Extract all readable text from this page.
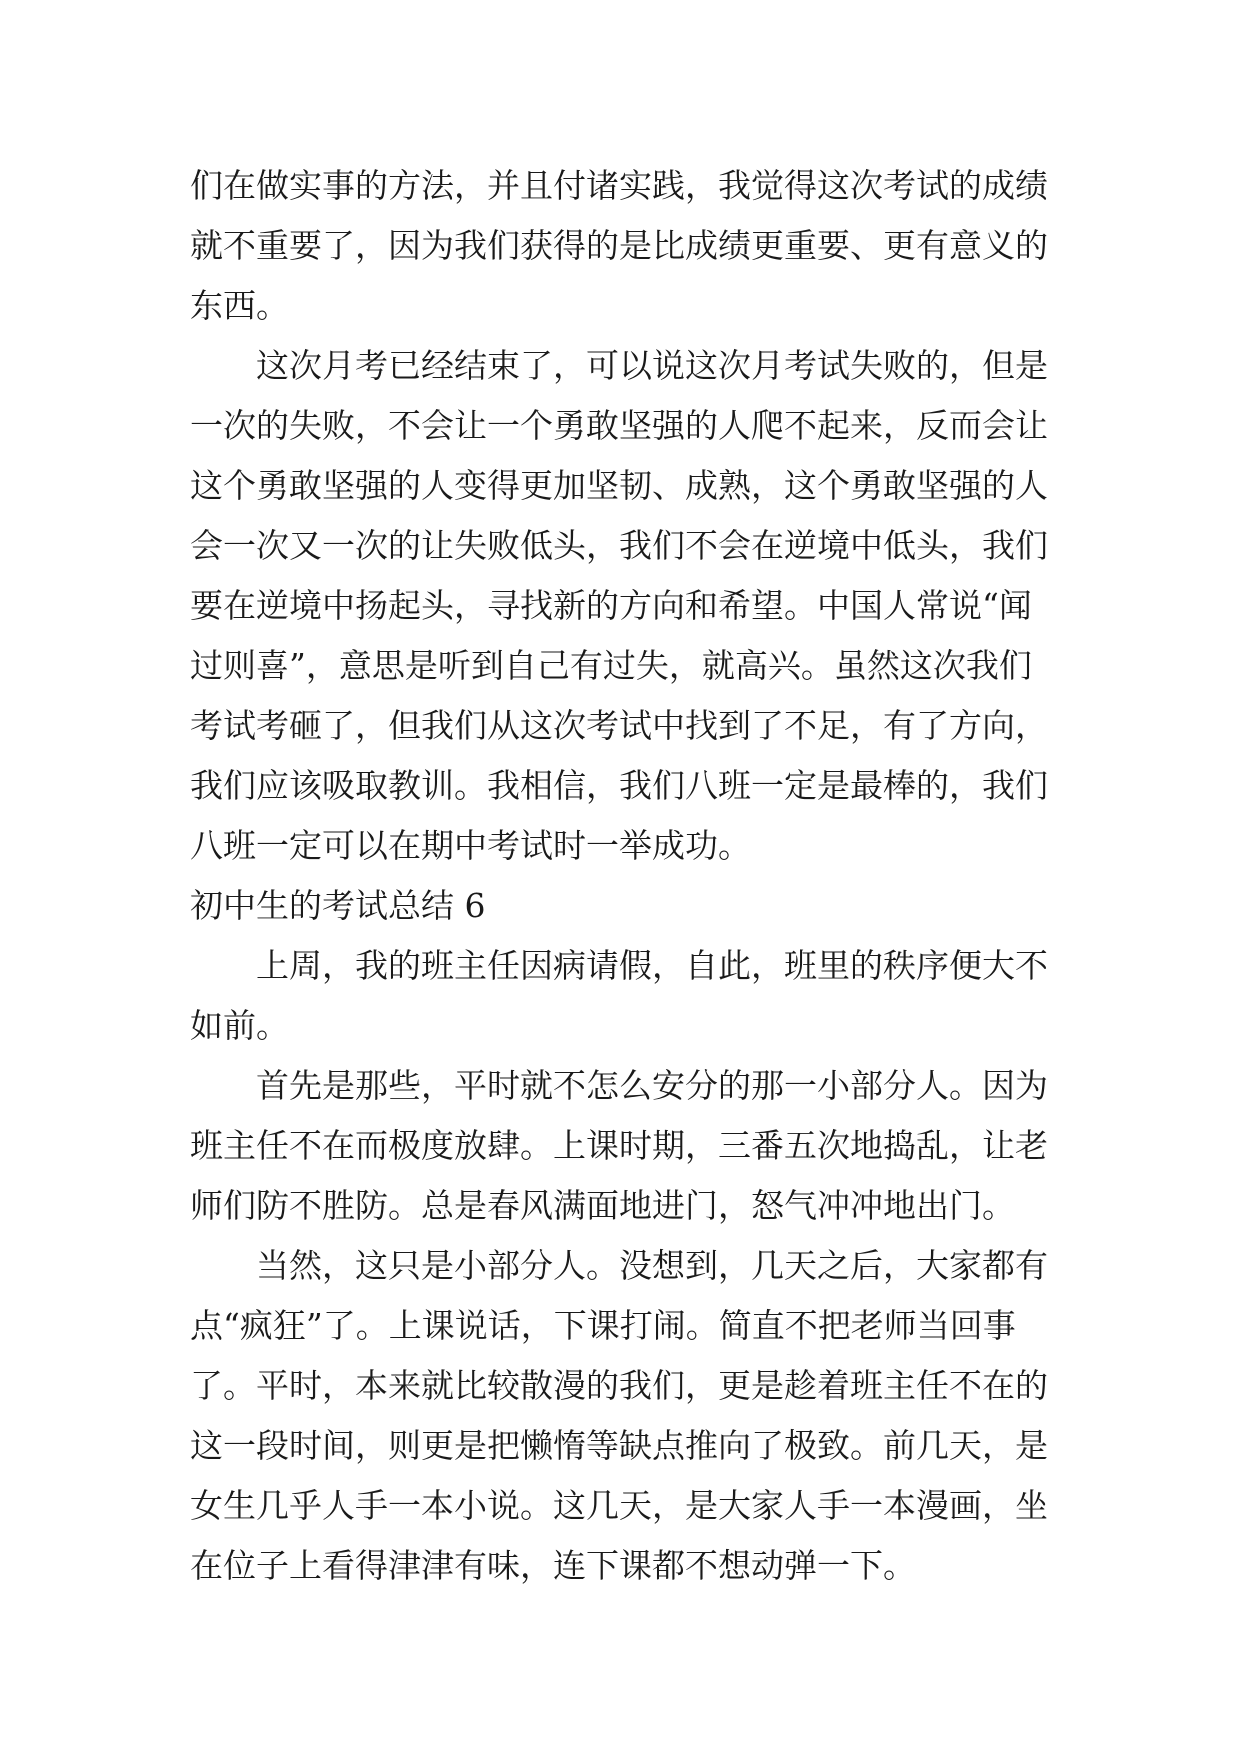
们在做实事的方法，并且付诸实践，我觉得这次考试的成绩
就不重要了，因为我们获得的是比成绩更重要、更有意义的
东西。
这次月考已经结束了，可以说这次月考试失败的，但是
一次的失败，不会让一个勇敢坚强的人爬不起来，反而会让
这个勇敢坚强的人变得更加坚韧、成熟，这个勇敢坚强的人
会一次又一次的让失败低头，我们不会在逆境中低头，我们
要在逆境中扬起头，寻找新的方向和希望。中国人常说“闻
过则喜”，意思是听到自己有过失，就高兴。虽然这次我们
考试考砸了，但我们从这次考试中找到了不足，有了方向，
我们应该吸取教训。我相信，我们八班一定是最棒的，我们
八班一定可以在期中考试时一举成功。
初中生的考试总结 6
上周，我的班主任因病请假，自此，班里的秩序便大不
如前。
首先是那些，平时就不怎么安分的那一小部分人。因为
班主任不在而极度放肆。上课时期，三番五次地捣乱，让老
师们防不胜防。总是春风满面地进门，怒气冲冲地出门。
当然，这只是小部分人。没想到，几天之后，大家都有
点“疯狂”了。上课说话，下课打闹。简直不把老师当回事
了。平时，本来就比较散漫的我们，更是趁着班主任不在的
这一段时间，则更是把懒惰等缺点推向了极致。前几天，是
女生几乎人手一本小说。这几天，是大家人手一本漫画，坐
在位子上看得津津有味，连下课都不想动弹一下。
